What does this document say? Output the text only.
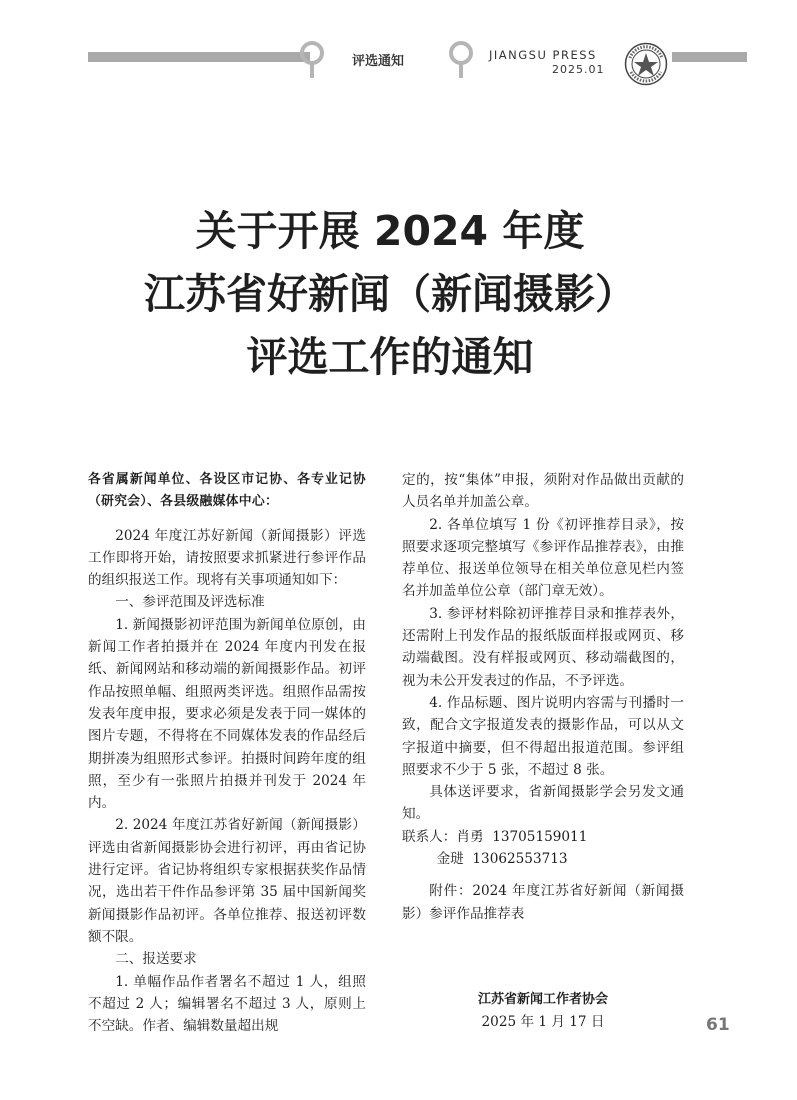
评选通知	JIANGSU PRESS
2025.01
关于开展 2024 年度
江苏省好新闻（新闻摄影）
评选工作的通知

各省属新闻单位、各设区市记协、各专业记协（研究会）、各县级融媒体中心：

2024 年度江苏好新闻（新闻摄影）评选工作即将开始，请按照要求抓紧进行参评作品的组织报送工作。现将有关事项通知如下：

一、参评范围及评选标准

1. 新闻摄影初评范围为新闻单位原创，由新闻工作者拍摄并在 2024 年度内刊发在报纸、新闻网站和移动端的新闻摄影作品。初评作品按照单幅、组照两类评选。组照作品需按发表年度申报，要求必须是发表于同一媒体的图片专题，不得将在不同媒体发表的作品经后期拼凑为组照形式参评。拍摄时间跨年度的组照，至少有一张照片拍摄并刊发于 2024 年内。

2. 2024 年度江苏省好新闻（新闻摄影）评选由省新闻摄影协会进行初评，再由省记协进行定评。省记协将组织专家根据获奖作品情况，选出若干件作品参评第 35 届中国新闻奖新闻摄影作品初评。各单位推荐、报送初评数额不限。

二、报送要求

1. 单幅作品作者署名不超过 1 人，组照不超过 2 人；编辑署名不超过 3 人，原则上不空缺。作者、编辑数量超出规

定的，按“集体”申报，须附对作品做出贡献的人员名单并加盖公章。

2. 各单位填写 1 份《初评推荐目录》，按照要求逐项完整填写《参评作品推荐表》，由推荐单位、报送单位领导在相关单位意见栏内签名并加盖单位公章（部门章无效）。

3. 参评材料除初评推荐目录和推荐表外，还需附上刊发作品的报纸版面样报或网页、移动端截图。没有样报或网页、移动端截图的，视为未公开发表过的作品，不予评选。

4. 作品标题、图片说明内容需与刊播时一致，配合文字报道发表的摄影作品，可以从文字报道中摘要，但不得超出报道范围。参评组照要求不少于 5 张，不超过 8 张。

具体送评要求，省新闻摄影学会另发文通知。

联系人：肖勇  13705159011

金琎  13062553713

附件：2024 年度江苏省好新闻（新闻摄影）参评作品推荐表

江苏省新闻工作者协会
2025 年 1 月 17 日	61
